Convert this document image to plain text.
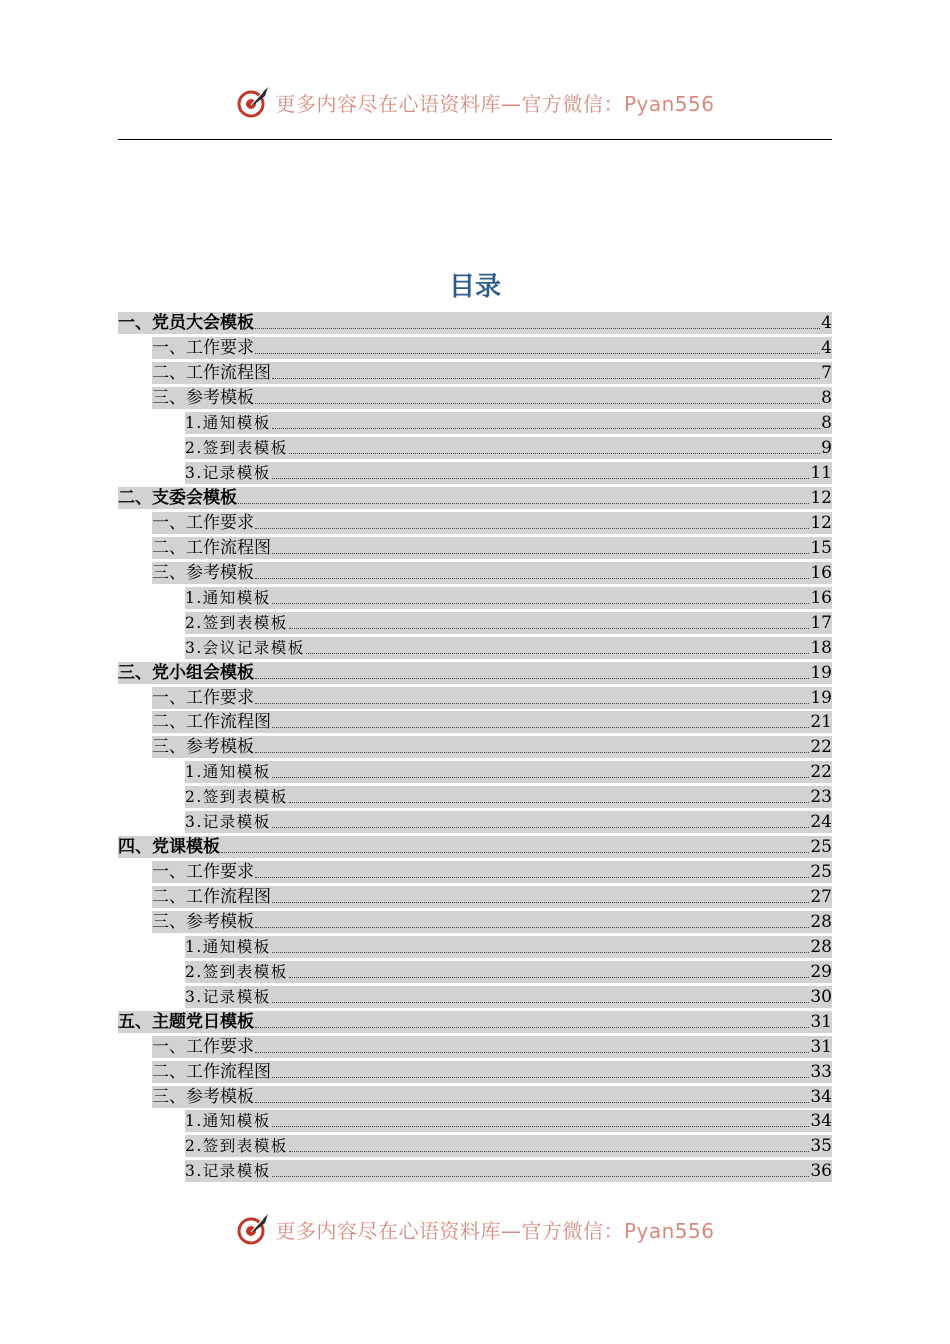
更多内容尽在心语资料库—官方微信：Pyan556
目录
一、党员大会模板	4
一、工作要求	4
二、工作流程图	7
三、参考模板	8
1.通知模板	8
2.签到表模板	9
3.记录模板	11
二、支委会模板	12
一、工作要求	12
二、工作流程图	15
三、参考模板	16
1.通知模板	16
2.签到表模板	17
3.会议记录模板	18
三、党小组会模板	19
一、工作要求	19
二、工作流程图	21
三、参考模板	22
1.通知模板	22
2.签到表模板	23
3.记录模板	24
四、党课模板	25
一、工作要求	25
二、工作流程图	27
三、参考模板	28
1.通知模板	28
2.签到表模板	29
3.记录模板	30
五、主题党日模板	31
一、工作要求	31
二、工作流程图	33
三、参考模板	34
1.通知模板	34
2.签到表模板	35
3.记录模板	36
更多内容尽在心语资料库—官方微信：Pyan556
